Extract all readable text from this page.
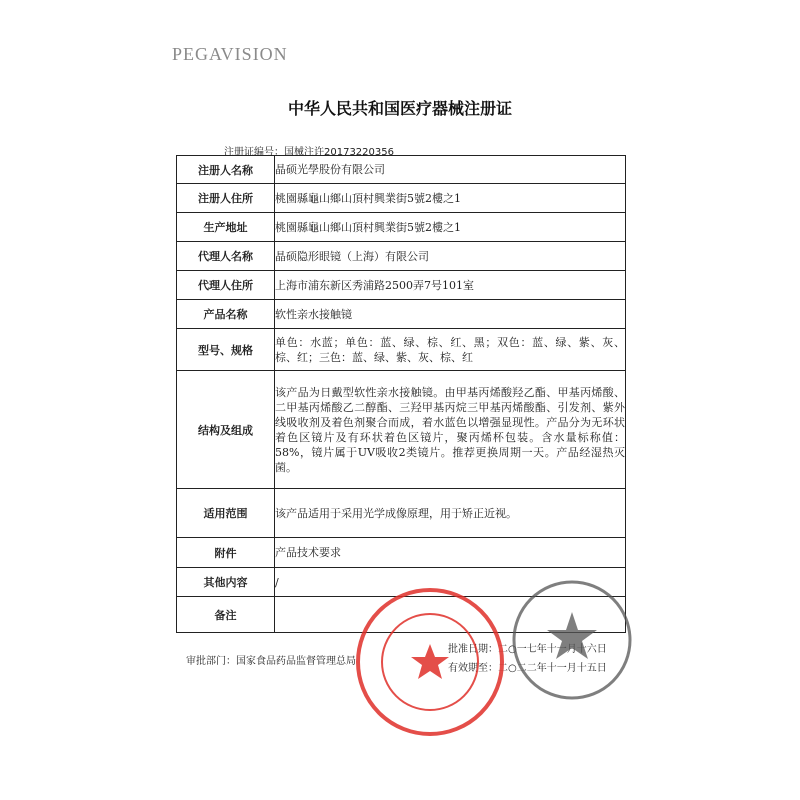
PEGAVISION
中华人民共和国医疗器械注册证
注册证编号：国械注许20173220356
注册人名称	晶硕光學股份有限公司
注册人住所	桃園縣龜山鄉山頂村興業街5號2樓之1
生产地址	桃園縣龜山鄉山頂村興業街5號2樓之1
代理人名称	晶硕隐形眼镜（上海）有限公司
代理人住所	上海市浦东新区秀浦路2500弄7号101室
产品名称	软性亲水接触镜
型号、规格	单色：水蓝；单色：蓝、绿、棕、红、黑；双色：蓝、绿、紫、灰、棕、红；三色：蓝、绿、紫、灰、棕、红
结构及组成	该产品为日戴型软性亲水接触镜。由甲基丙烯酸羟乙酯、甲基丙烯酸、二甲基丙烯酸乙二醇酯、三羟甲基丙烷三甲基丙烯酸酯、引发剂、紫外线吸收剂及着色剂聚合而成，着水蓝色以增强显现性。产品分为无环状着色区镜片及有环状着色区镜片，聚丙烯杯包装。含水量标称值：58%，镜片属于UV吸收2类镜片。推荐更换周期一天。产品经湿热灭菌。
适用范围	该产品适用于采用光学成像原理，用于矫正近视。
附件	产品技术要求
其他内容	/
备注	
审批部门：国家食品药品监督管理总局
批准日期：二○一七年十一月十六日
有效期至：二○二二年十一月十五日
